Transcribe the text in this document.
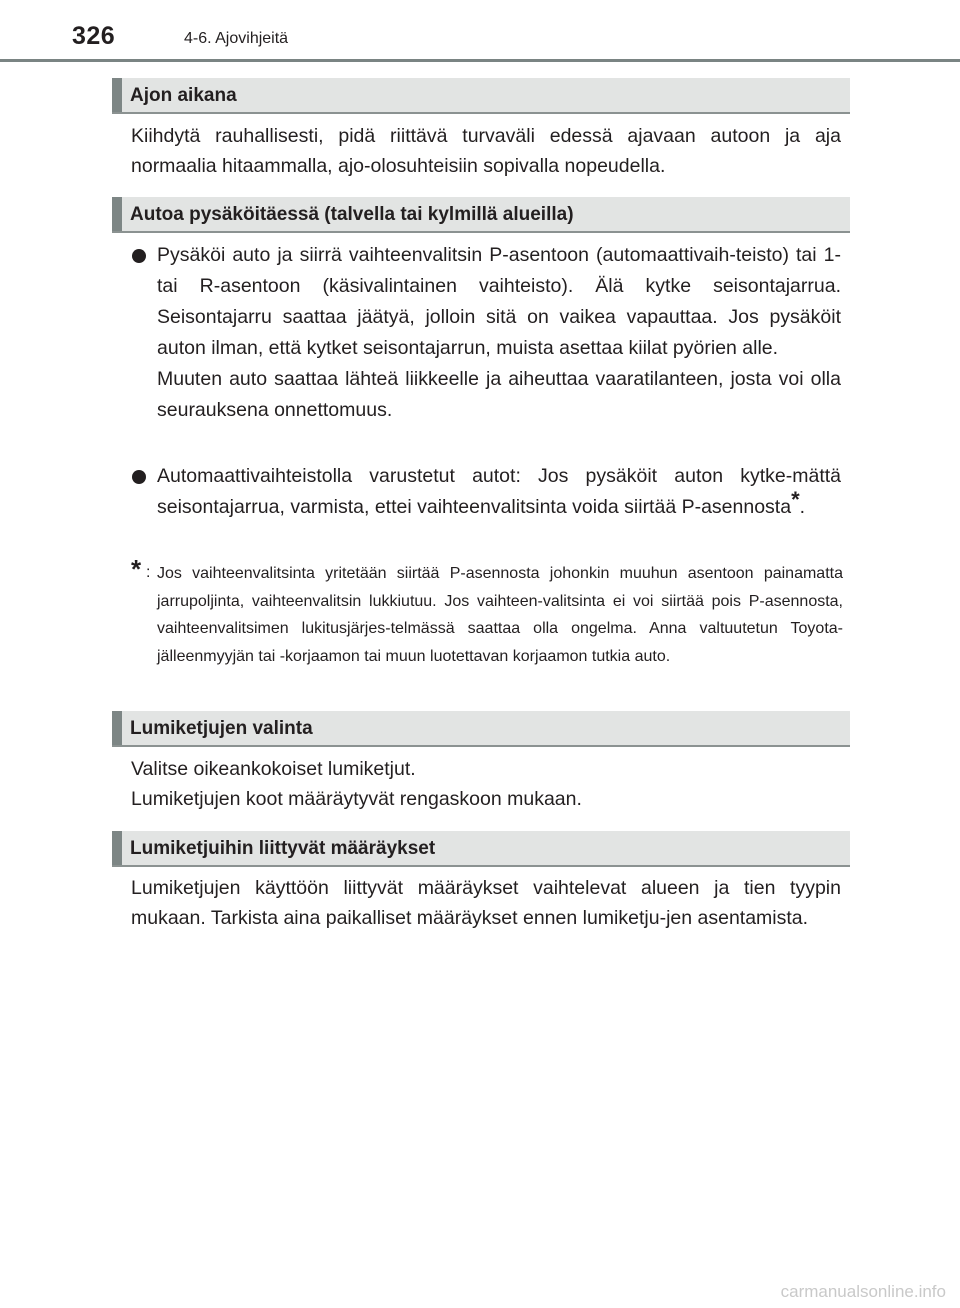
326	4-6. Ajovihjeitä
Ajon aikana
Kiihdytä rauhallisesti, pidä riittävä turvaväli edessä ajavaan autoon ja aja normaalia hitaammalla, ajo-olosuhteisiin sopivalla nopeudella.
Autoa pysäköitäessä (talvella tai kylmillä alueilla)

Pysäköi auto ja siirrä vaihteenvalitsin P-asentoon (automaattivaih-teisto) tai 1- tai R-asentoon (käsivalintainen vaihteisto). Älä kytke seisontajarrua. Seisontajarru saattaa jäätyä, jolloin sitä on vaikea vapauttaa. Jos pysäköit auton ilman, että kytket seisontajarrun, muista asettaa kiilat pyörien alle.

Muuten auto saattaa lähteä liikkeelle ja aiheuttaa vaaratilanteen, josta voi olla seurauksena onnettomuus.

Automaattivaihteistolla varustetut autot: Jos pysäköit auton kytke-mättä seisontajarrua, varmista, ettei vaihteenvalitsinta voida siirtää P-asennosta*.

* : Jos vaihteenvalitsinta yritetään siirtää P-asennosta johonkin muuhun asentoon painamatta jarrupoljinta, vaihteenvalitsin lukkiutuu. Jos vaihteen-valitsinta ei voi siirtää pois P-asennosta, vaihteenvalitsimen lukitusjärjes-telmässä saattaa olla ongelma. Anna valtuutetun Toyota-jälleenmyyjän tai -korjaamon tai muun luotettavan korjaamon tutkia auto.
Lumiketjujen valinta
Valitse oikeankokoiset lumiketjut.
Lumiketjujen koot määräytyvät rengaskoon mukaan.
Lumiketjuihin liittyvät määräykset
Lumiketjujen käyttöön liittyvät määräykset vaihtelevat alueen ja tien tyypin mukaan. Tarkista aina paikalliset määräykset ennen lumiketju-jen asentamista.
carmanualsonline.info
